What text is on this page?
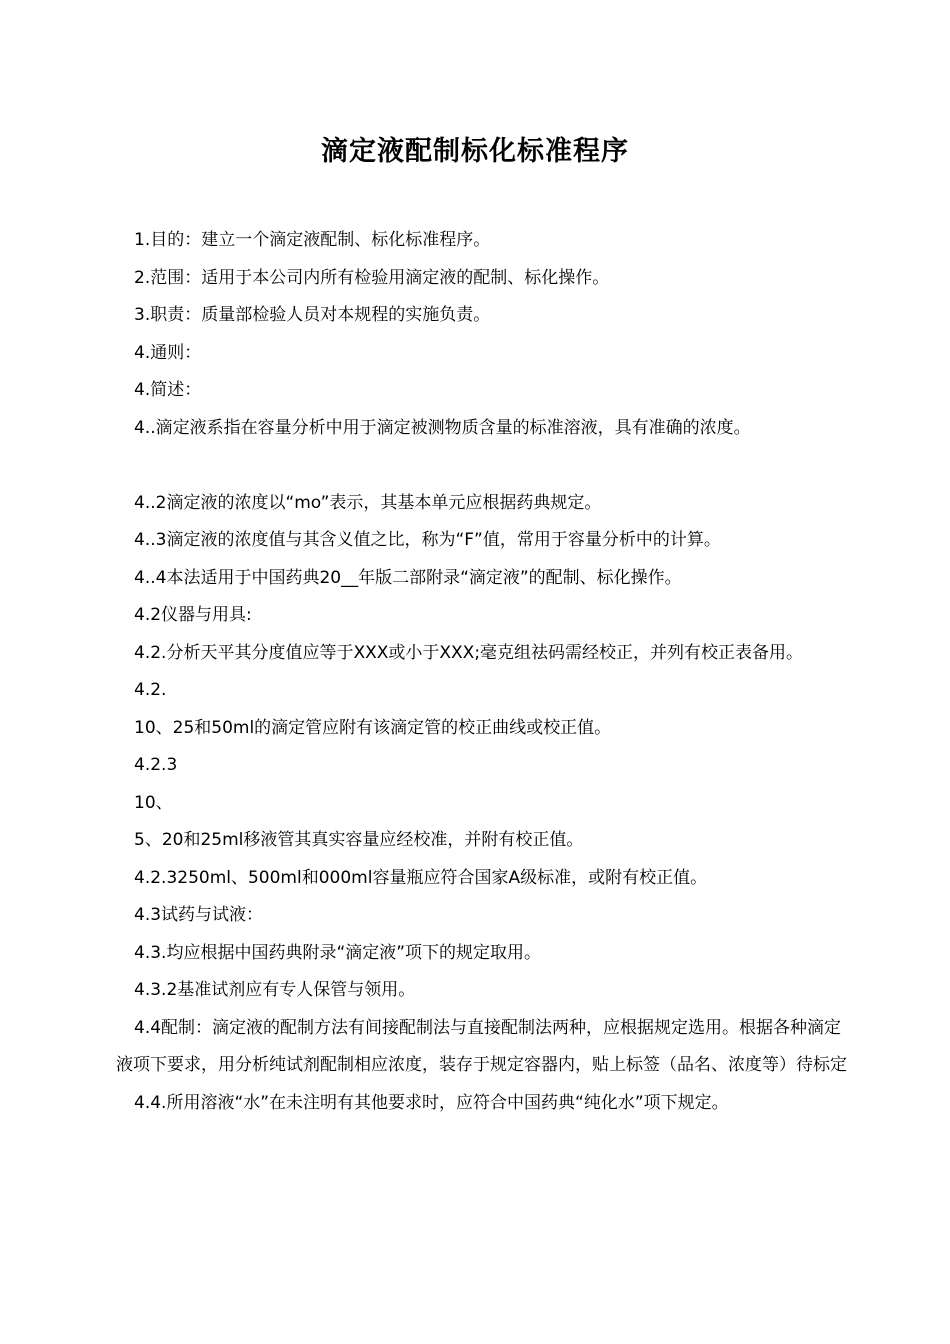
滴定液配制标化标准程序

1.目的：建立一个滴定液配制、标化标准程序。

2.范围：适用于本公司内所有检验用滴定液的配制、标化操作。

3.职责：质量部检验人员对本规程的实施负责。

4.通则：

4.简述：

4..滴定液系指在容量分析中用于滴定被测物质含量的标准溶液，具有准确的浓度。

4..2滴定液的浓度以“mo”表示，其基本单元应根据药典规定。

4..3滴定液的浓度值与其含义值之比，称为“F”值，常用于容量分析中的计算。

4..4本法适用于中国药典20__年版二部附录“滴定液”的配制、标化操作。

4.2仪器与用具:

4.2.分析天平其分度值应等于XXX或小于XXX;毫克组祛码需经校正，并列有校正表备用。

4.2.

10、25和50ml的滴定管应附有该滴定管的校正曲线或校正值。

4.2.3

10、

5、20和25ml移液管其真实容量应经校准，并附有校正值。

4.2.3250ml、500ml和000ml容量瓶应符合国家A级标准，或附有校正值。

4.3试药与试液：

4.3.均应根据中国药典附录“滴定液”项下的规定取用。

4.3.2基准试剂应有专人保管与领用。

4.4配制：滴定液的配制方法有间接配制法与直接配制法两种，应根据规定选用。根据各种滴定液项下要求，用分析纯试剂配制相应浓度，装存于规定容器内，贴上标签（品名、浓度等）待标定

4.4.所用溶液“水”在未注明有其他要求时，应符合中国药典“纯化水”项下规定。
